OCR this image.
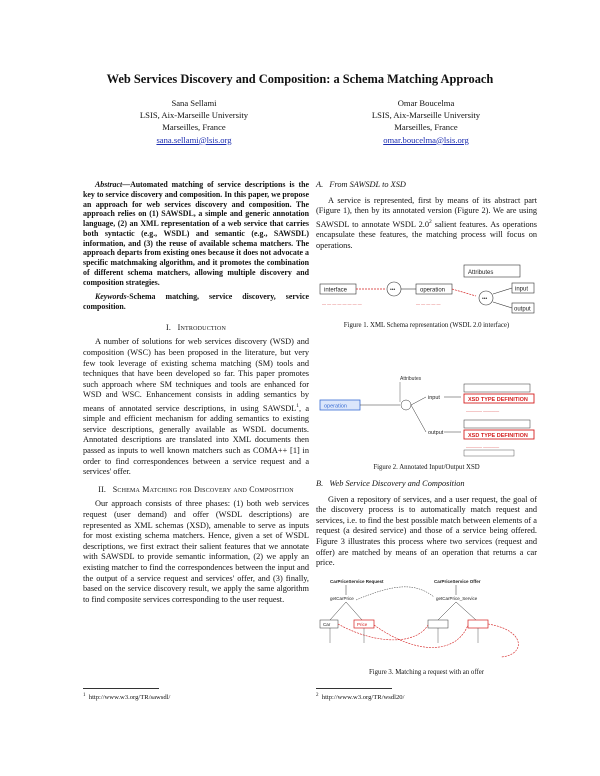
Web Services Discovery and Composition: a Schema Matching Approach
Sana Sellami
LSIS, Aix-Marseille University
Marseilles, France
sana.sellami@lsis.org
Omar Boucelma
LSIS, Aix-Marseille University
Marseilles, France
omar.boucelma@lsis.org

Abstract—Automated matching of service descriptions is the key to service discovery and composition. In this paper, we propose an approach for web services discovery and composition. The approach relies on (1) SAWSDL, a simple and generic annotation language, (2) an XML representation of a web service that carries both syntactic (e.g., WSDL) and semantic (e.g., SAWSDL) information, and (3) the reuse of available schema matchers. The approach departs from existing ones because it does not advocate a specific matchmaking algorithm, and it promotes the combination of different schema matchers, allowing multiple discovery and composition strategies.

Keywords-Schema matching, service discovery, service composition.

I. Introduction

A number of solutions for web services discovery (WSD) and composition (WSC) has been proposed in the literature, but very few took leverage of existing schema matching (SM) tools and techniques that have been developed so far. This paper promotes such approach where SM techniques and tools are enhanced for WSD and WSC. Enhancement consists in adding semantics by means of annotated service descriptions, in using SAWSDL$^1$, a simple and efficient mechanism for adding semantics to existing service descriptions, generally available as WSDL documents. Annotated descriptions are translated into XML documents then passed as inputs to well known matchers such as COMA++ [1] in order to find correspondences between a service request and a services' offer.

II. Schema Matching for Discovery and Composition

Our approach consists of three phases: (1) both web services request (user demand) and offer (WSDL descriptions) are represented as XML schemas (XSD), amenable to serve as inputs for most existing schema matchers. Hence, given a set of WSDL descriptions, we first extract their salient features that we annotate with SAWSDL to provide semantic information, (2) we apply an existing matcher to find the correspondences between the input and the output of a service request and services' offer, and (3) finally, based on the service discovery result, we apply the same algorithm to find composite services corresponding to the user request.

A. From SAWSDL to XSD

A service is represented, first by means of its abstract part (Figure 1), then by its annotated version (Figure 2). We are using SAWSDL to annotate WSDL $2.0^2$ salient features. As operations encapsulate these features, the matching process will focus on operations.

Attributes
interface	•••	operation
•••
input
output
— — — — — — — —	— — — — —
Figure 1. XML Schema representation (WSDL 2.0 interface)
Attributes
operation
input	XSD TYPE DEFINITION
———— ————
output	XSD TYPE DEFINITION
———— ————
Figure 2. Annotated Input/Output XSD

B. Web Service Discovery and Composition

Given a repository of services, and a user request, the goal of the discovery process is to automatically match request and services, i.e. to find the best possible match between elements of a request (a desired service) and those of a service being offered. Figure 3 illustrates this process where two services (request and offer) are matched by means of an operation that returns a car price.

CarPriceService Request	CarPriceService Offer
getCarPrice	getCarPrice_Service
Car	Price
Figure 3. Matching a request with an offer
$^1$ http://www.w3.org/TR/sawsdl/	$^2$ http://www.w3.org/TR/wsdl20/
